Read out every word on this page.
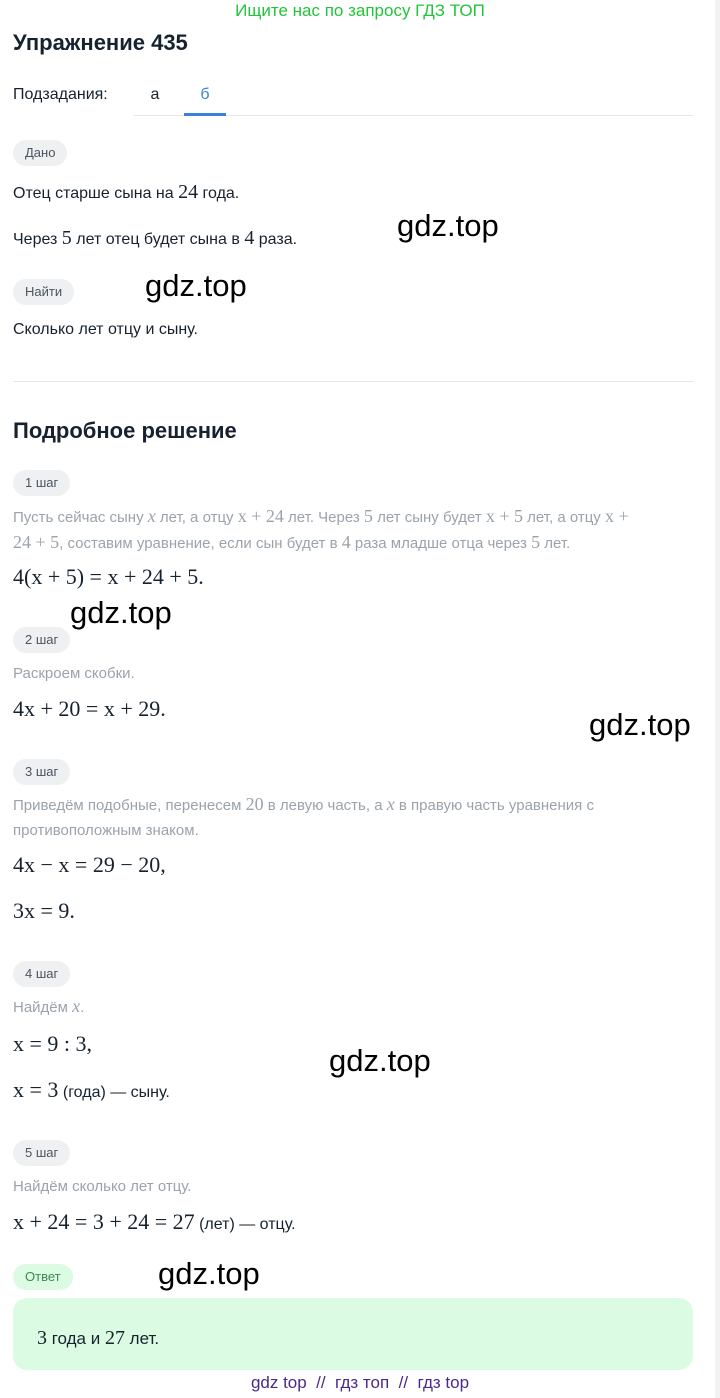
Ищите нас по запросу ГДЗ ТОП
Упражнение 435
Подзадания:	а	б
Дано
Отец старше сына на 24 года.
Через 5 лет отец будет сына в 4 раза.
Найти
Сколько лет отцу и сыну.
Подробное решение
1 шаг
Пусть сейчас сыну x лет, а отцу x + 24 лет. Через 5 лет сыну будет x + 5 лет, а отцу x +
24 + 5, составим уравнение, если сын будет в 4 раза младше отца через 5 лет.
4(x + 5) = x + 24 + 5.
2 шаг
Раскроем скобки.
4x + 20 = x + 29.
3 шаг
Приведём подобные, перенесем 20 в левую часть, а x в правую часть уравнения с
противоположным знаком.
4x − x = 29 − 20,
3x = 9.
4 шаг
Найдём x.
x = 9 : 3,
x = 3 (года) — сыну.
5 шаг
Найдём сколько лет отцу.
x + 24 = 3 + 24 = 27 (лет) — отцу.
Ответ
3 года и 27 лет.
gdz.top
gdz.top
gdz.top
gdz.top
gdz.top
gdz.top
gdz top  //  гдз топ  //  гдз top
